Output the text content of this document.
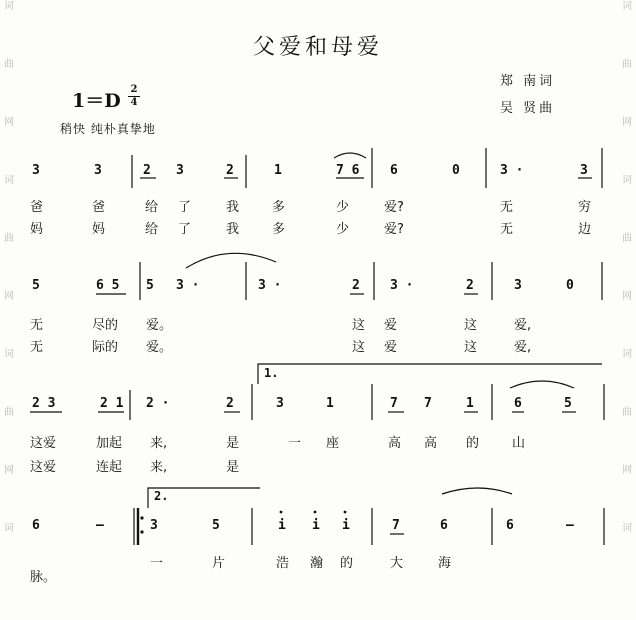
词
曲
网
词
曲
网
词
曲
网
词
词
曲
网
词
曲
网
词
曲
网
词
父爱和母爱
郑 南词
吴 贤曲
1＝D
2
4
稍快 纯朴真挚地
3	3	2 3	2	1	7 6 6	0	3 ·	3
爸	爸	给 了	我	多	少	爱?	无	穷
妈	妈	给 了	我	多	少	爱?	无	边
5	6 5 5 3 ·	3 ·	2 3 ·	2	3	0
无	尽的 爱。	这 爱	这	爱,
无	际的 爱。	这 爱	这	爱,
1.
2 3	2 1 2 ·	2	3	1	7 7	1	6	5
这爱	加起 来,	是	一 座	高 高 的	山
这爱	连起 来,	是
2.
6	—	3	5	i i i	7	6	6	—
脉。
一	片	浩 瀚 的	大	海
